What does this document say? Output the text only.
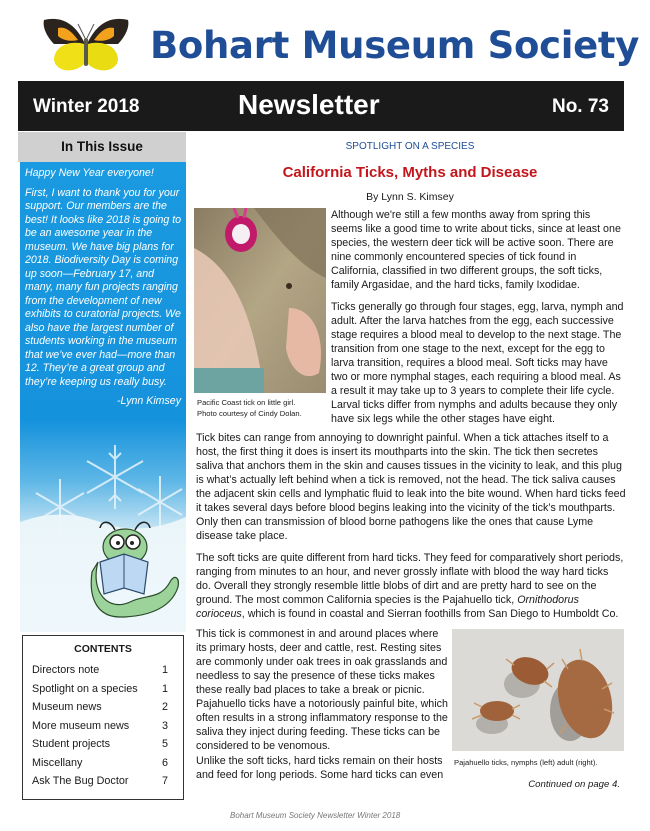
Bohart Museum Society
Winter 2018	Newsletter	No. 73
In This Issue

Happy New Year everyone!

First, I want to thank you for your support. Our members are the best! It looks like 2018 is going to be an awesome year in the museum. We have big plans for 2018. Biodiversity Day is coming up soon—February 17, and many, many fun projects ranging from the development of new exhibits to curatorial projects. We also have the largest number of students working in the museum that we’ve ever had—more than 12. They’re a great group and they’re keeping us really busy.

-Lynn Kimsey

CONTENTS
Directors note	1
Spotlight on a species 1
Museum news	2
More museum news	3
Student projects	5
Miscellany	6
Ask The Bug Doctor	7
SPOTLIGHT ON A SPECIES
California Ticks, Myths and Disease
By Lynn S. Kimsey
Pacific Coast tick on little girl.
Photo courtesy of Cindy Dolan.

Although we're still a few months away from spring this seems like a good time to write about ticks, since at least one species, the western deer tick will be active soon. There are nine commonly encountered species of tick found in California, classified in two different groups, the soft ticks, family Argasidae, and the hard ticks, family Ixodidae.

Ticks generally go through four stages, egg, larva, nymph and adult. After the larva hatches from the egg, each successive stage requires a blood meal to develop to the next stage. The transition from one stage to the next, except for the egg to larva transition, requires a blood meal. Soft ticks may have two or more nymphal stages, each requiring a blood meal. As a result it may take up to 3 years to complete their life cycle. Larval ticks differ from nymphs and adults because they only have six legs while the other stages have eight.

Tick bites can range from annoying to downright painful. When a tick attaches itself to a host, the first thing it does is insert its mouthparts into the skin. The tick then secretes saliva that anchors them in the skin and causes tissues in the vicinity to leak, and this plug is what’s actually left behind when a tick is removed, not the head. The tick saliva causes the adjacent skin cells and lymphatic fluid to leak into the bite wound. When hard ticks feed it takes several days before blood begins leaking into the vicinity of the tick’s mouthparts. Only then can transmission of blood borne pathogens like the ones that cause Lyme disease take place.

The soft ticks are quite different from hard ticks. They feed for comparatively short periods, ranging from minutes to an hour, and never grossly inflate with blood the way hard ticks do. Overall they strongly resemble little blobs of dirt and are pretty hard to see on the ground. The most common California species is the Pajahuello tick, Ornithodorus corioceus, which is found in coastal and Sierran foothills from San Diego to Humboldt Co.

This tick is commonest in and around places where its primary hosts, deer and cattle, rest. Resting sites are commonly under oak trees in oak grasslands and needless to say the presence of these ticks makes these really bad places to take a break or picnic. Pajahuello ticks have a notoriously painful bite, which often results in a strong inflammatory response to the saliva they inject during feeding. These ticks can be considered to be venomous.

Unlike the soft ticks, hard ticks remain on their hosts and feed for long periods. Some hard ticks can even

Pajahuello ticks, nymphs (left) adult (right).
Continued on page 4.
Bohart Museum Society Newsletter Winter 2018
